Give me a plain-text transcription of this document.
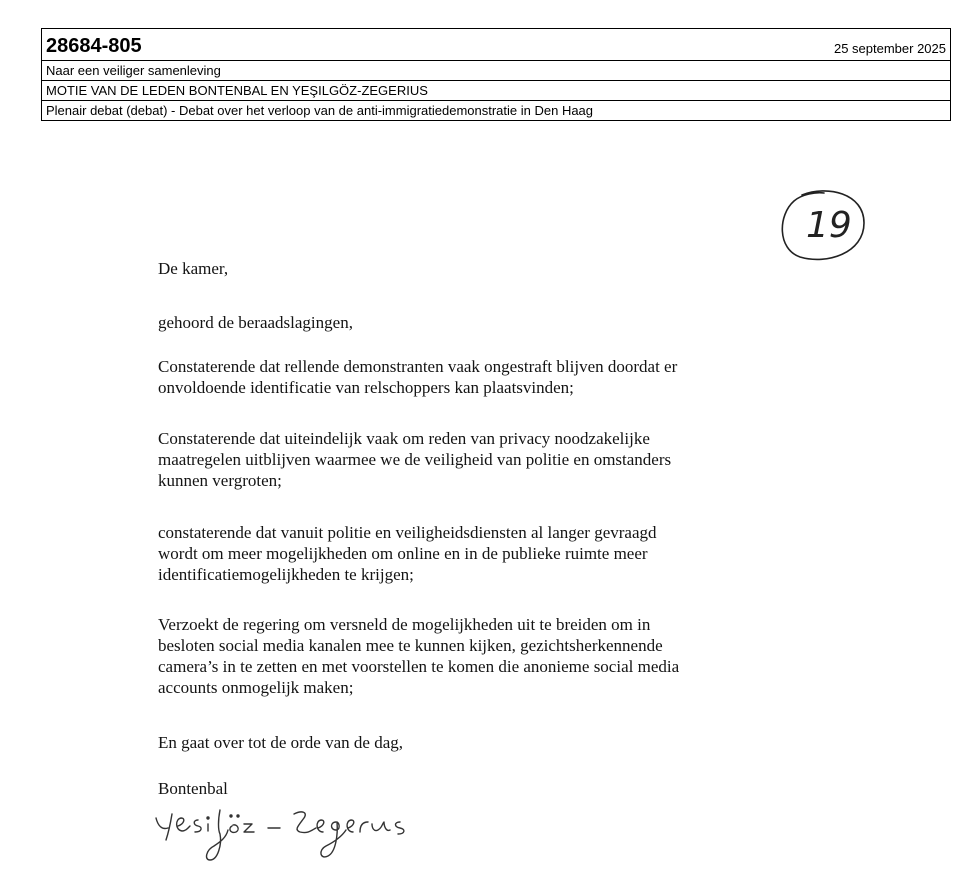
28684-805	25 september 2025
Naar een veiliger samenleving
MOTIE VAN DE LEDEN BONTENBAL EN YEŞILGÖZ-ZEGERIUS
Plenair debat (debat) - Debat over het verloop van de anti-immigratiedemonstratie in Den Haag
19

De kamer,

gehoord de beraadslagingen,

Constaterende dat rellende demonstranten vaak ongestraft blijven doordat er
onvoldoende identificatie van relschoppers kan plaatsvinden;

Constaterende dat uiteindelijk vaak om reden van privacy noodzakelijke
maatregelen uitblijven waarmee we de veiligheid van politie en omstanders
kunnen vergroten;

constaterende dat vanuit politie en veiligheidsdiensten al langer gevraagd
wordt om meer mogelijkheden om online en in de publieke ruimte meer
identificatiemogelijkheden te krijgen;

Verzoekt de regering om versneld de mogelijkheden uit te breiden om in
besloten social media kanalen mee te kunnen kijken, gezichtsherkennende
camera’s in te zetten en met voorstellen te komen die anonieme social media
accounts onmogelijk maken;

En gaat over tot de orde van de dag,

Bontenbal
